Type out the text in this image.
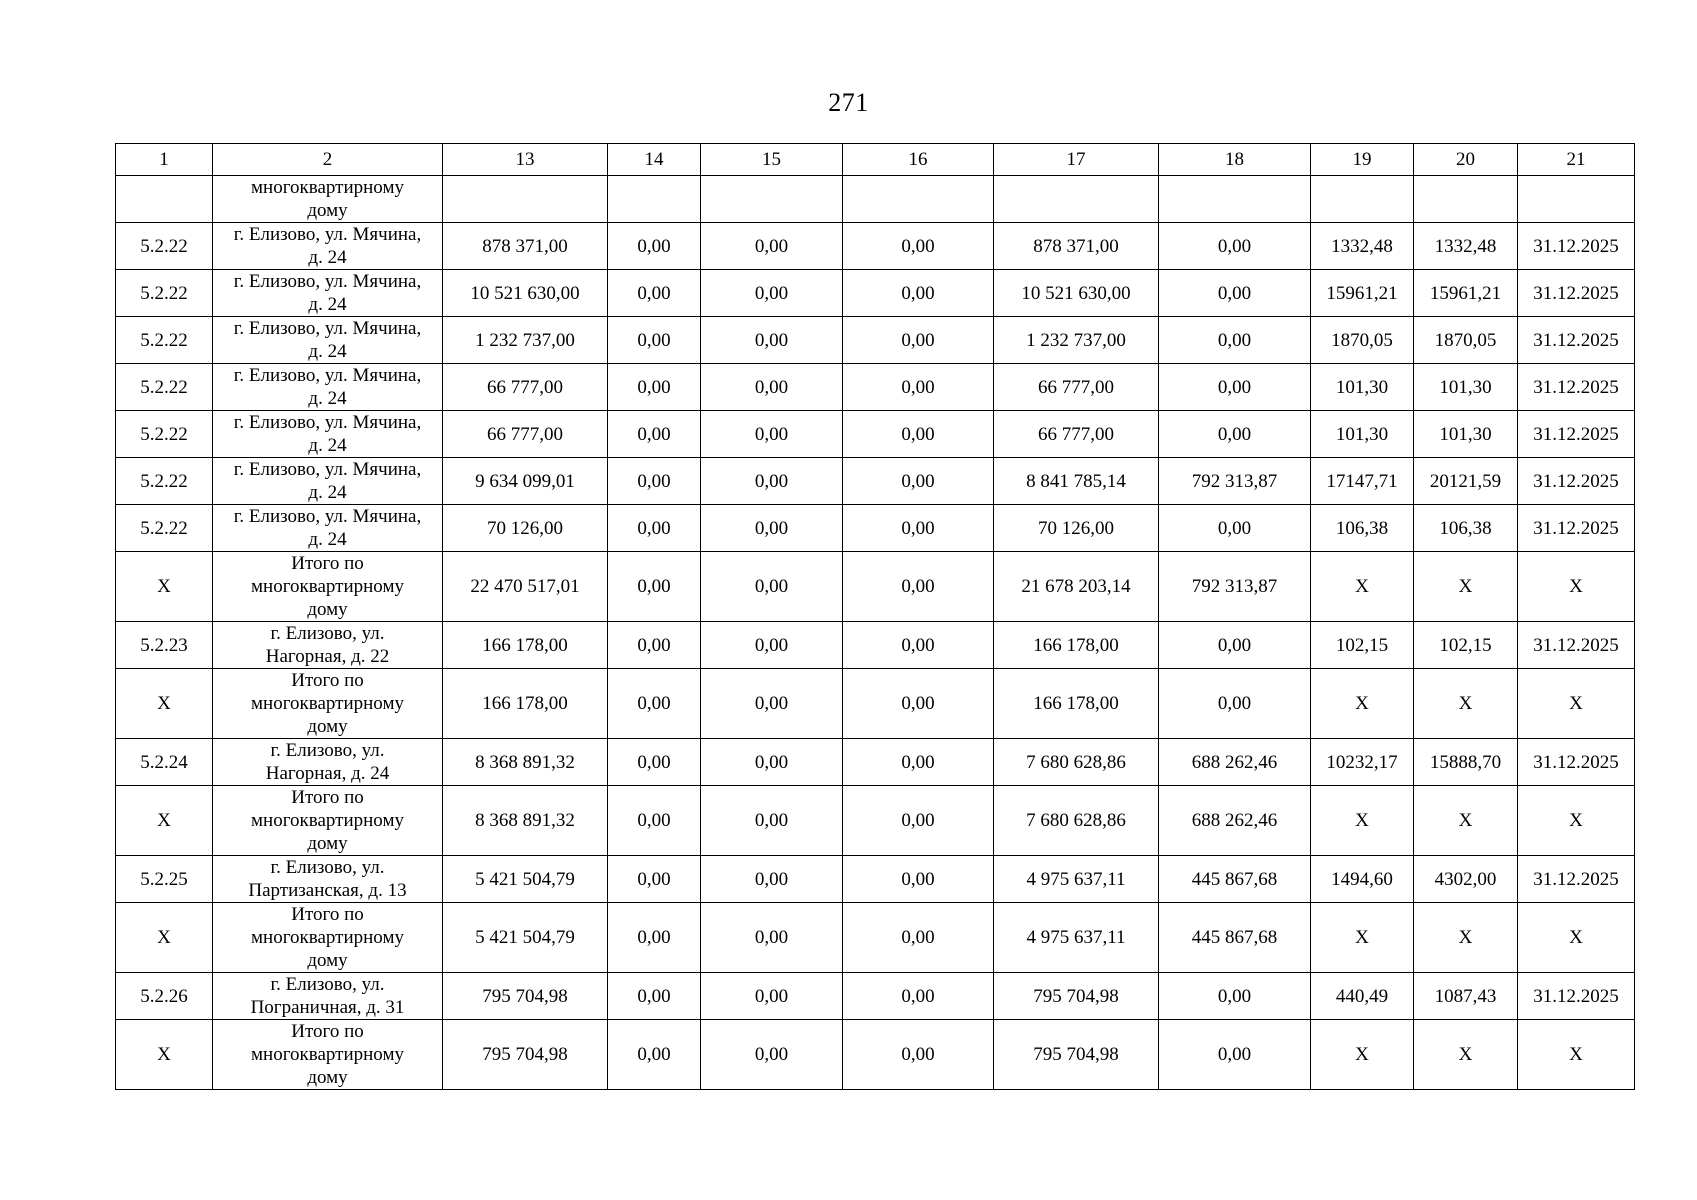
271
1	2	13	14	15	16	17	18	19	20	21

	многоквартирному
дому									

5.2.22	г. Елизово, ул. Мячина,
д. 24	878 371,00	0,00	0,00	0,00	878 371,00	0,00	1332,48	1332,48	31.12.2025
5.2.22	г. Елизово, ул. Мячина,
д. 24	10 521 630,00	0,00	0,00	0,00	10 521 630,00	0,00	15961,21	15961,21	31.12.2025
5.2.22	г. Елизово, ул. Мячина,
д. 24	1 232 737,00	0,00	0,00	0,00	1 232 737,00	0,00	1870,05	1870,05	31.12.2025
5.2.22	г. Елизово, ул. Мячина,
д. 24	66 777,00	0,00	0,00	0,00	66 777,00	0,00	101,30	101,30	31.12.2025
5.2.22	г. Елизово, ул. Мячина,
д. 24	66 777,00	0,00	0,00	0,00	66 777,00	0,00	101,30	101,30	31.12.2025
5.2.22	г. Елизово, ул. Мячина,
д. 24	9 634 099,01	0,00	0,00	0,00	8 841 785,14	792 313,87	17147,71	20121,59	31.12.2025
5.2.22	г. Елизово, ул. Мячина,
д. 24	70 126,00	0,00	0,00	0,00	70 126,00	0,00	106,38	106,38	31.12.2025
X	Итого по
многоквартирному
дому	22 470 517,01	0,00	0,00	0,00	21 678 203,14	792 313,87	X	X	X
5.2.23	г. Елизово, ул.
Нагорная, д. 22	166 178,00	0,00	0,00	0,00	166 178,00	0,00	102,15	102,15	31.12.2025
X	Итого по
многоквартирному
дому	166 178,00	0,00	0,00	0,00	166 178,00	0,00	X	X	X
5.2.24	г. Елизово, ул.
Нагорная, д. 24	8 368 891,32	0,00	0,00	0,00	7 680 628,86	688 262,46	10232,17	15888,70	31.12.2025
X	Итого по
многоквартирному
дому	8 368 891,32	0,00	0,00	0,00	7 680 628,86	688 262,46	X	X	X
5.2.25	г. Елизово, ул.
Партизанская, д. 13	5 421 504,79	0,00	0,00	0,00	4 975 637,11	445 867,68	1494,60	4302,00	31.12.2025
X	Итого по
многоквартирному
дому	5 421 504,79	0,00	0,00	0,00	4 975 637,11	445 867,68	X	X	X
5.2.26	г. Елизово, ул.
Пограничная, д. 31	795 704,98	0,00	0,00	0,00	795 704,98	0,00	440,49	1087,43	31.12.2025
X	Итого по
многоквартирному
дому	795 704,98	0,00	0,00	0,00	795 704,98	0,00	X	X	X
